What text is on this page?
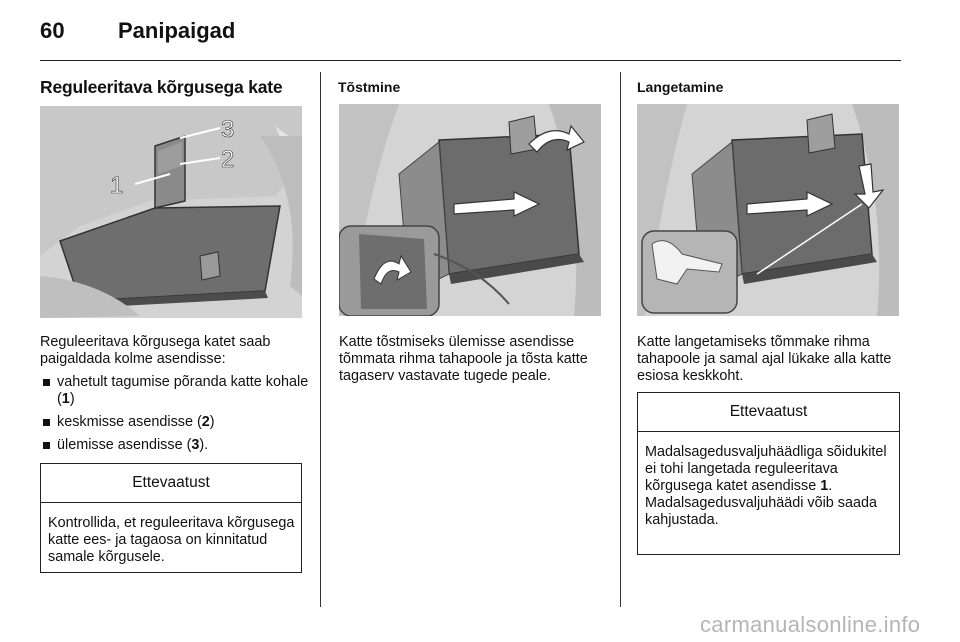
60 Panipaigad
Reguleeritava kõrgusega kate
1
2
3
Reguleeritava kõrgusega katet saab paigaldada kolme asendisse:
vahetult tagumise põranda katte kohale (1)
keskmisse asendisse (2)
ülemisse asendisse (3).
Ettevaatust
Kontrollida, et reguleeritava kõrgusega katte ees- ja tagaosa on kinnitatud samale kõrgusele.
Tõstmine
Katte tõstmiseks ülemisse asendisse tõmmata rihma tahapoole ja tõsta katte tagaserv vastavate tugede peale.
Langetamine
Katte langetamiseks tõmmake rihma tahapoole ja samal ajal lükake alla katte esiosa keskkoht.
Ettevaatust
Madalsagedusvaljuhäädliga sõidukitel ei tohi langetada reguleeritava kõrgusega katet asendisse 1.
Madalsagedusvaljuhäädi võib saada kahjustada.
carmanualsonline.info
